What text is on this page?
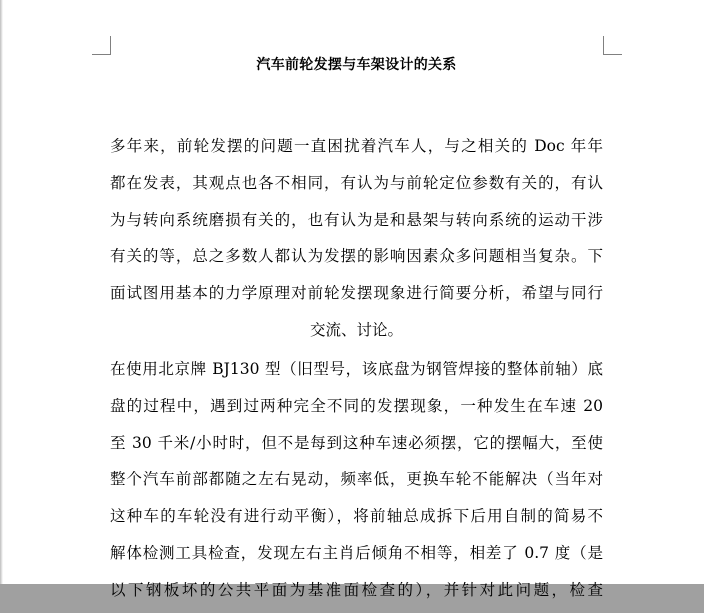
汽车前轮发摆与车架设计的关系
多年来，前轮发摆的问题一直困扰着汽车人，与之相关的 Doc 年年
都在发表，其观点也各不相同，有认为与前轮定位参数有关的，有认
为与转向系统磨损有关的，也有认为是和悬架与转向系统的运动干涉
有关的等，总之多数人都认为发摆的影响因素众多问题相当复杂。下
面试图用基本的力学原理对前轮发摆现象进行简要分析，希望与同行
交流、讨论。
在使用北京牌 BJ130 型（旧型号，该底盘为钢管焊接的整体前轴）底
盘的过程中，遇到过两种完全不同的发摆现象，一种发生在车速 20
至 30 千米/小时时，但不是每到这种车速必须摆，它的摆幅大，至使
整个汽车前部都随之左右晃动，频率低，更换车轮不能解决（当年对
这种车的车轮没有进行动平衡），将前轴总成拆下后用自制的简易不
解体检测工具检查，发现左右主肖后倾角不相等，相差了 0.7 度（是
以下钢板坏的公共平面为基准面检查的），并针对此问题，检查
